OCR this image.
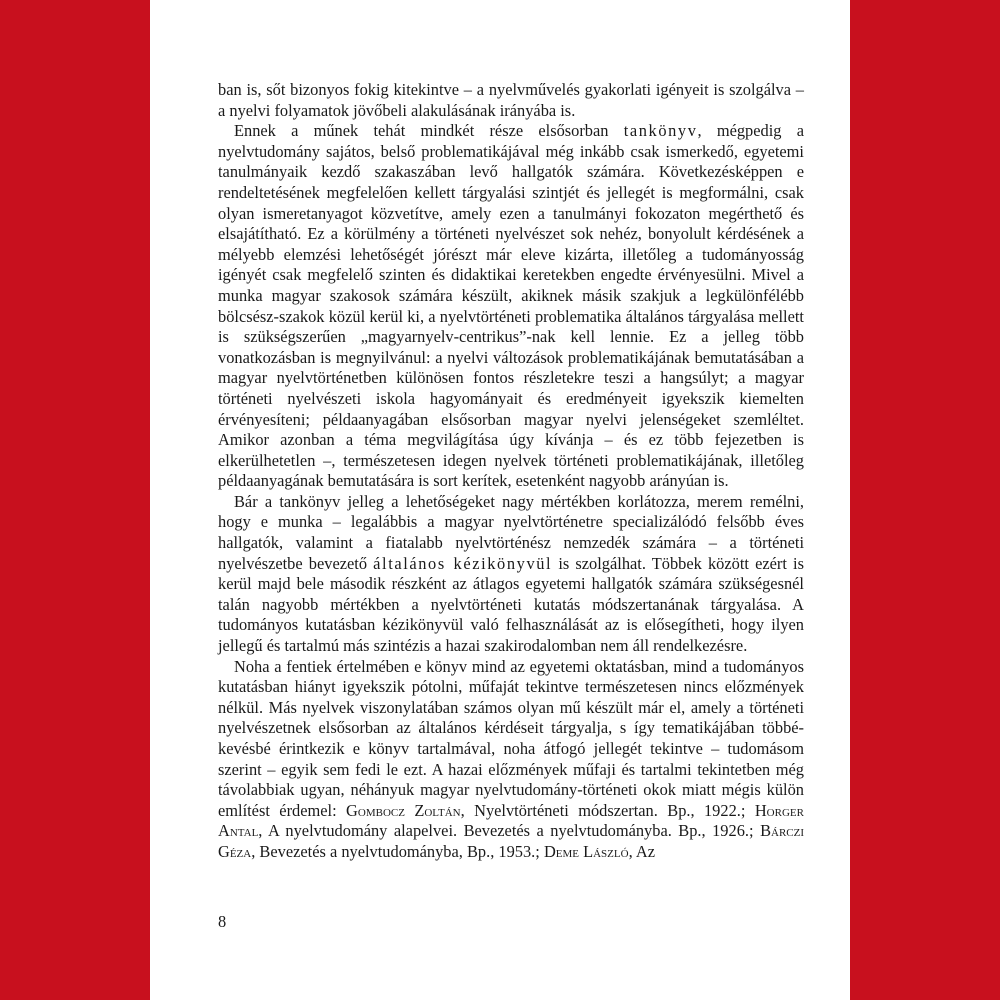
ban is, sőt bizonyos fokig kitekintve – a nyelvművelés gyakorlati igényeit is szolgálva – a nyelvi folyamatok jövőbeli alakulásának irányába is.

Ennek a műnek tehát mindkét része elsősorban tankönyv, mégpedig a nyelvtudomány sajátos, belső problematikájával még inkább csak ismerkedő, egyetemi tanulmányaik kezdő szakaszában levő hallgatók számára. Következésképpen e rendeltetésének megfelelően kellett tárgyalási szintjét és jellegét is megformálni, csak olyan ismeretanyagot közvetítve, amely ezen a tanulmányi fokozaton megérthető és elsajátítható. Ez a körülmény a történeti nyelvészet sok nehéz, bonyolult kérdésének a mélyebb elemzési lehetőségét jórészt már eleve kizárta, illetőleg a tudományosság igényét csak megfelelő szinten és didaktikai keretekben engedte érvényesülni. Mivel a munka magyar szakosok számára készült, akiknek másik szakjuk a legkülönfélébb bölcsész-szakok közül kerül ki, a nyelvtörténeti problematika általános tárgyalása mellett is szükségszerűen „magyarnyelv-centrikus”-nak kell lennie. Ez a jelleg több vonatkozásban is megnyilvánul: a nyelvi változások problematikájának bemutatásában a magyar nyelvtörténetben különösen fontos részletekre teszi a hangsúlyt; a magyar történeti nyelvészeti iskola hagyományait és eredményeit igyekszik kiemelten érvényesíteni; példaanyagában elsősorban magyar nyelvi jelenségeket szemléltet. Amikor azonban a téma megvilágítása úgy kívánja – és ez több fejezetben is elkerülhetetlen –, természetesen idegen nyelvek történeti problematikájának, illetőleg példaanyagának bemutatására is sort kerítek, esetenként nagyobb arányúan is.

Bár a tankönyv jelleg a lehetőségeket nagy mértékben korlátozza, merem remélni, hogy e munka – legalábbis a magyar nyelvtörténetre specializálódó felsőbb éves hallgatók, valamint a fiatalabb nyelvtörténész nemzedék számára – a történeti nyelvészetbe bevezető általános kézikönyvül is szolgálhat. Többek között ezért is kerül majd bele második részként az átlagos egyetemi hallgatók számára szükségesnél talán nagyobb mértékben a nyelvtörténeti kutatás módszertanának tárgyalása. A tudományos kutatásban kézikönyvül való felhasználását az is elősegítheti, hogy ilyen jellegű és tartalmú más szintézis a hazai szakirodalomban nem áll rendelkezésre.

Noha a fentiek értelmében e könyv mind az egyetemi oktatásban, mind a tudományos kutatásban hiányt igyekszik pótolni, műfaját tekintve természetesen nincs előzmények nélkül. Más nyelvek viszonylatában számos olyan mű készült már el, amely a történeti nyelvészetnek elsősorban az általános kérdéseit tárgyalja, s így tematikájában többé-kevésbé érintkezik e könyv tartalmával, noha átfogó jellegét tekintve – tudomásom szerint – egyik sem fedi le ezt. A hazai előzmények műfaji és tartalmi tekintetben még távolabbiak ugyan, néhányuk magyar nyelvtudomány-történeti okok miatt mégis külön említést érdemel: Gombocz Zoltán, Nyelvtörténeti módszertan. Bp., 1922.; Horger Antal, A nyelvtudomány alapelvei. Bevezetés a nyelvtudományba. Bp., 1926.; Bárczi Géza, Bevezetés a nyelvtudományba, Bp., 1953.; Deme László, Az

8
